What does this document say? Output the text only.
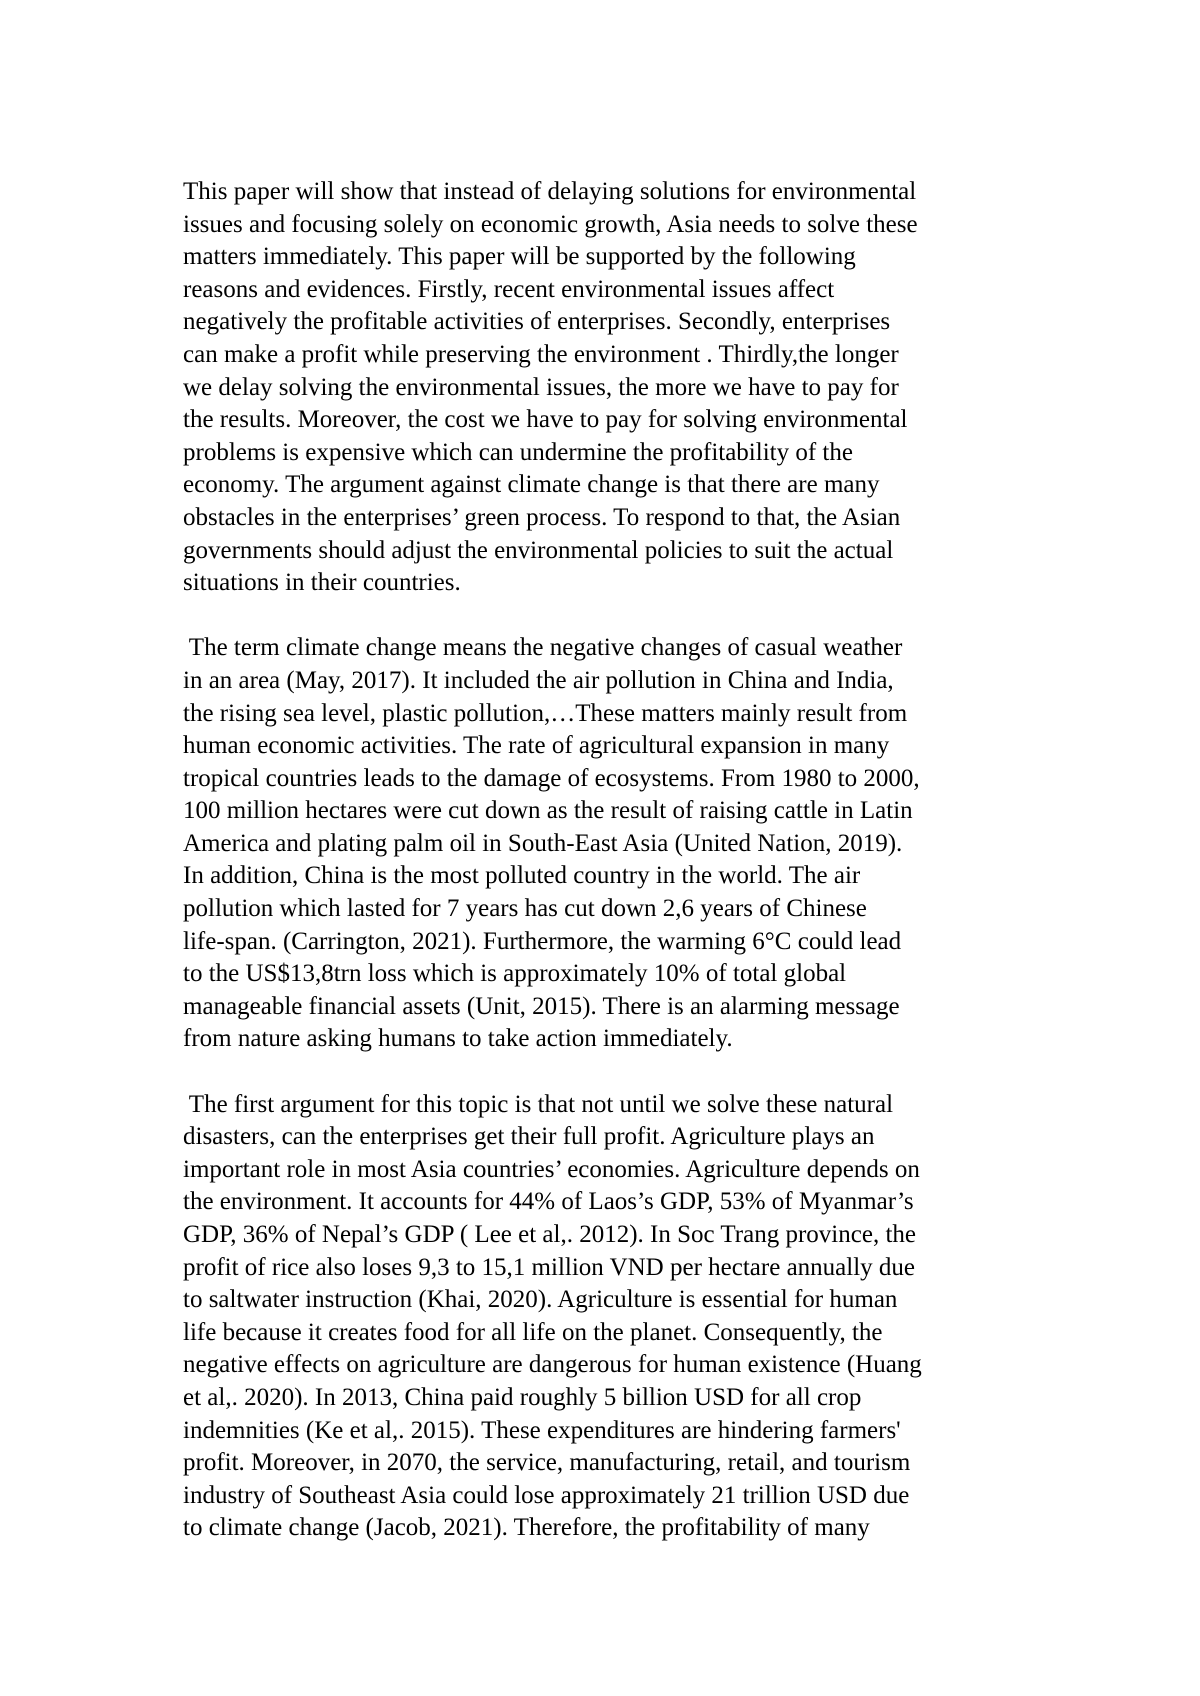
This paper will show that instead of delaying solutions for environmental
issues and focusing solely on economic growth, Asia needs to solve these
matters immediately. This paper will be supported by the following
reasons and evidences. Firstly, recent environmental issues affect
negatively the profitable activities of enterprises. Secondly, enterprises
can make a profit while preserving the environment . Thirdly,the longer
we delay solving the environmental issues, the more we have to pay for
the results. Moreover, the cost we have to pay for solving environmental
problems is expensive which can undermine the profitability of the
economy. The argument against climate change is that there are many
obstacles in the enterprises’ green process. To respond to that, the Asian
governments should adjust the environmental policies to suit the actual
situations in their countries.
The term climate change means the negative changes of casual weather
in an area (May, 2017). It included the air pollution in China and India,
the rising sea level, plastic pollution,…These matters mainly result from
human economic activities. The rate of agricultural expansion in many
tropical countries leads to the damage of ecosystems. From 1980 to 2000,
100 million hectares were cut down as the result of raising cattle in Latin
America and plating palm oil in South-East Asia (United Nation, 2019).
In addition, China is the most polluted country in the world. The air
pollution which lasted for 7 years has cut down 2,6 years of Chinese
life-span. (Carrington, 2021). Furthermore, the warming 6°C could lead
to the US$13,8trn loss which is approximately 10% of total global
manageable financial assets (Unit, 2015). There is an alarming message
from nature asking humans to take action immediately.
The first argument for this topic is that not until we solve these natural
disasters, can the enterprises get their full profit. Agriculture plays an
important role in most Asia countries’ economies. Agriculture depends on
the environment. It accounts for 44% of Laos’s GDP, 53% of Myanmar’s
GDP, 36% of Nepal’s GDP ( Lee et al,. 2012). In Soc Trang province, the
profit of rice also loses 9,3 to 15,1 million VND per hectare annually due
to saltwater instruction (Khai, 2020). Agriculture is essential for human
life because it creates food for all life on the planet. Consequently, the
negative effects on agriculture are dangerous for human existence (Huang
et al,. 2020). In 2013, China paid roughly 5 billion USD for all crop
indemnities (Ke et al,. 2015). These expenditures are hindering farmers'
profit. Moreover, in 2070, the service, manufacturing, retail, and tourism
industry of Southeast Asia could lose approximately 21 trillion USD due
to climate change (Jacob, 2021). Therefore, the profitability of many
